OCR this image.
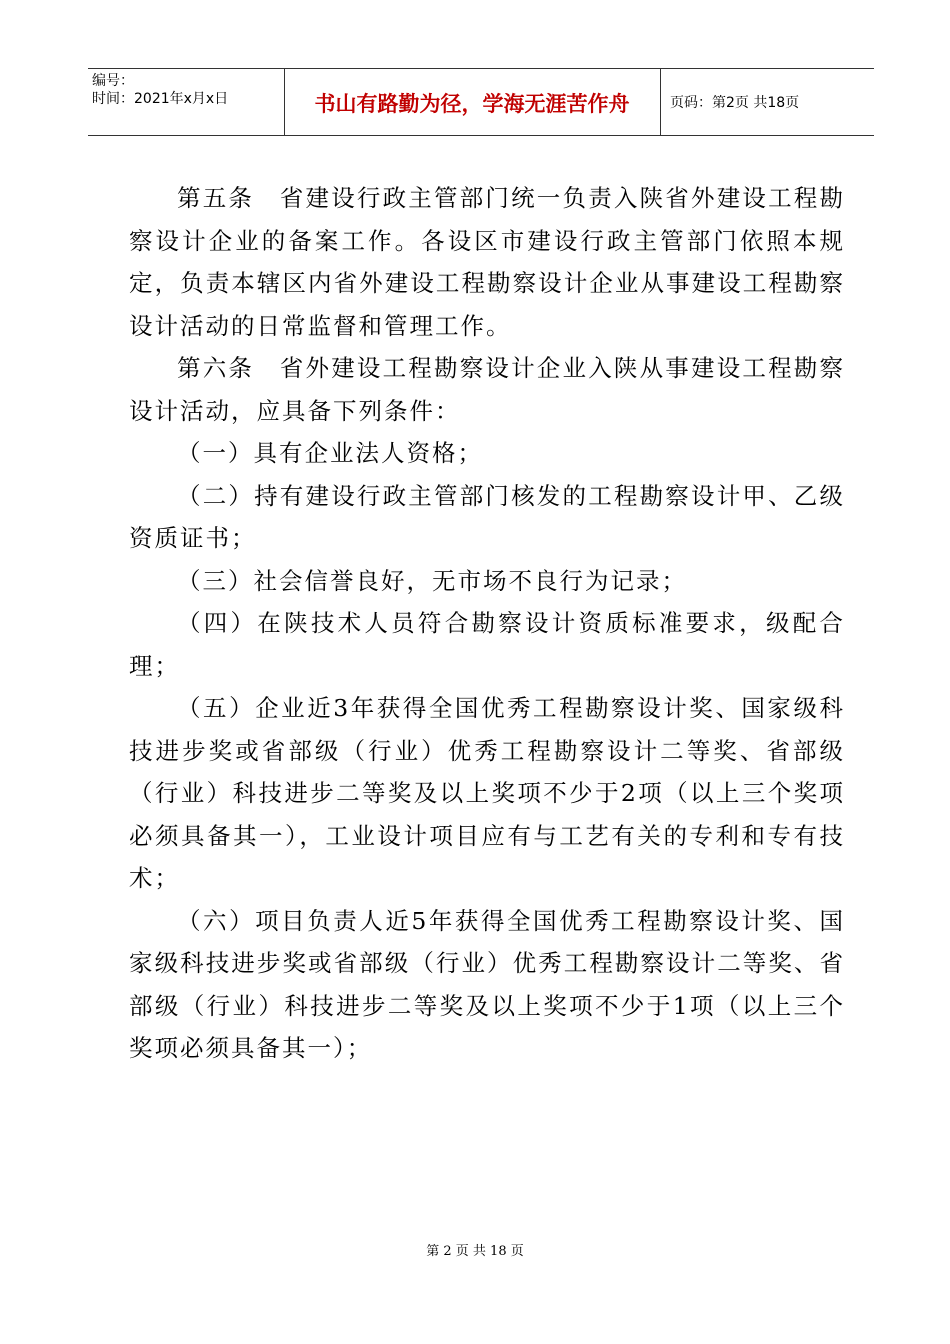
编号：
时间：2021年x月x日	书山有路勤为径，学海无涯苦作舟	页码：第2页 共18页

第五条　省建设行政主管部门统一负责入陕省外建设工程勘察设计企业的备案工作。各设区市建设行政主管部门依照本规定，负责本辖区内省外建设工程勘察设计企业从事建设工程勘察设计活动的日常监督和管理工作。

第六条　省外建设工程勘察设计企业入陕从事建设工程勘察设计活动，应具备下列条件：

（一）具有企业法人资格；

（二）持有建设行政主管部门核发的工程勘察设计甲、乙级资质证书；

（三）社会信誉良好，无市场不良行为记录；

（四）在陕技术人员符合勘察设计资质标准要求，级配合理；

（五）企业近3年获得全国优秀工程勘察设计奖、国家级科技进步奖或省部级（行业）优秀工程勘察设计二等奖、省部级（行业）科技进步二等奖及以上奖项不少于2项（以上三个奖项必须具备其一），工业设计项目应有与工艺有关的专利和专有技术；

（六）项目负责人近5年获得全国优秀工程勘察设计奖、国家级科技进步奖或省部级（行业）优秀工程勘察设计二等奖、省部级（行业）科技进步二等奖及以上奖项不少于1项（以上三个奖项必须具备其一）；

第 2 页 共 18 页
